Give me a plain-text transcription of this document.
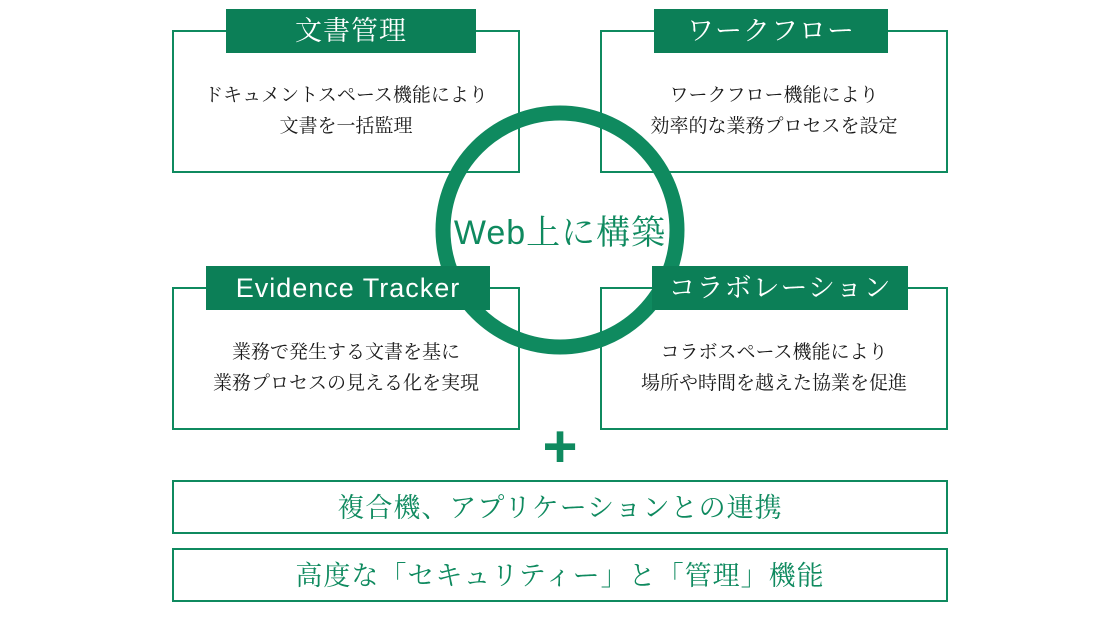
文書管理
ドキュメントスペース機能により
文書を一括監理
ワークフロー
ワークフロー機能により
効率的な業務プロセスを設定
Evidence Tracker
業務で発生する文書を基に
業務プロセスの見える化を実現
コラボレーション
コラボスペース機能により
場所や時間を越えた協業を促進
Web上に構築
+
複合機、アプリケーションとの連携
高度な「セキュリティー」と「管理」機能
